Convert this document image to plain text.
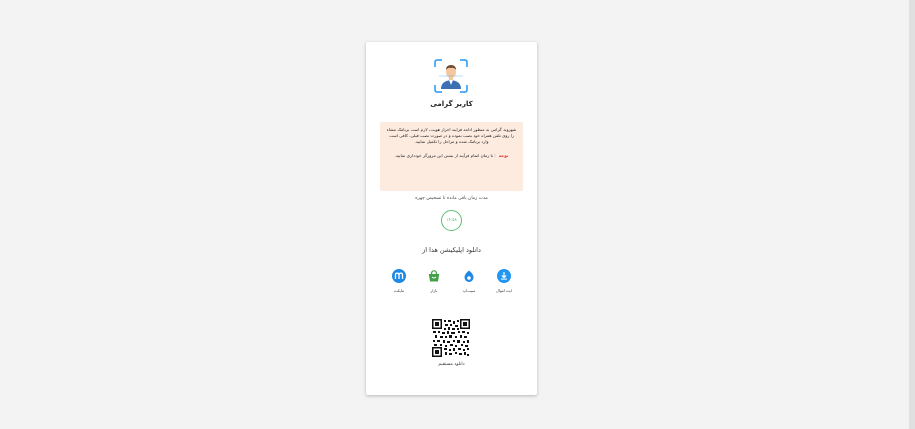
کاربر گرامی
شهروند گرامی به منظور ادامه فرایند احراز هویت، لازم است برنامک مشاء را روی تلفن همراه خود نصب نموده و در صورت نصب قبلی، کافی است وارد برنامک شده و مراحل را تکمیل نمایید.
توجه: تا زمان اتمام فرآیند از بستن این مرورگر خودداری نمایید.
مدت زمان باقی مانده تا تشخیص چهره
۱۴:۵۸
دانلود اپلیکیشن هدا از
ابت اموال
سیب‌اپ
بازار
مایکت
دانلود مستقیم
